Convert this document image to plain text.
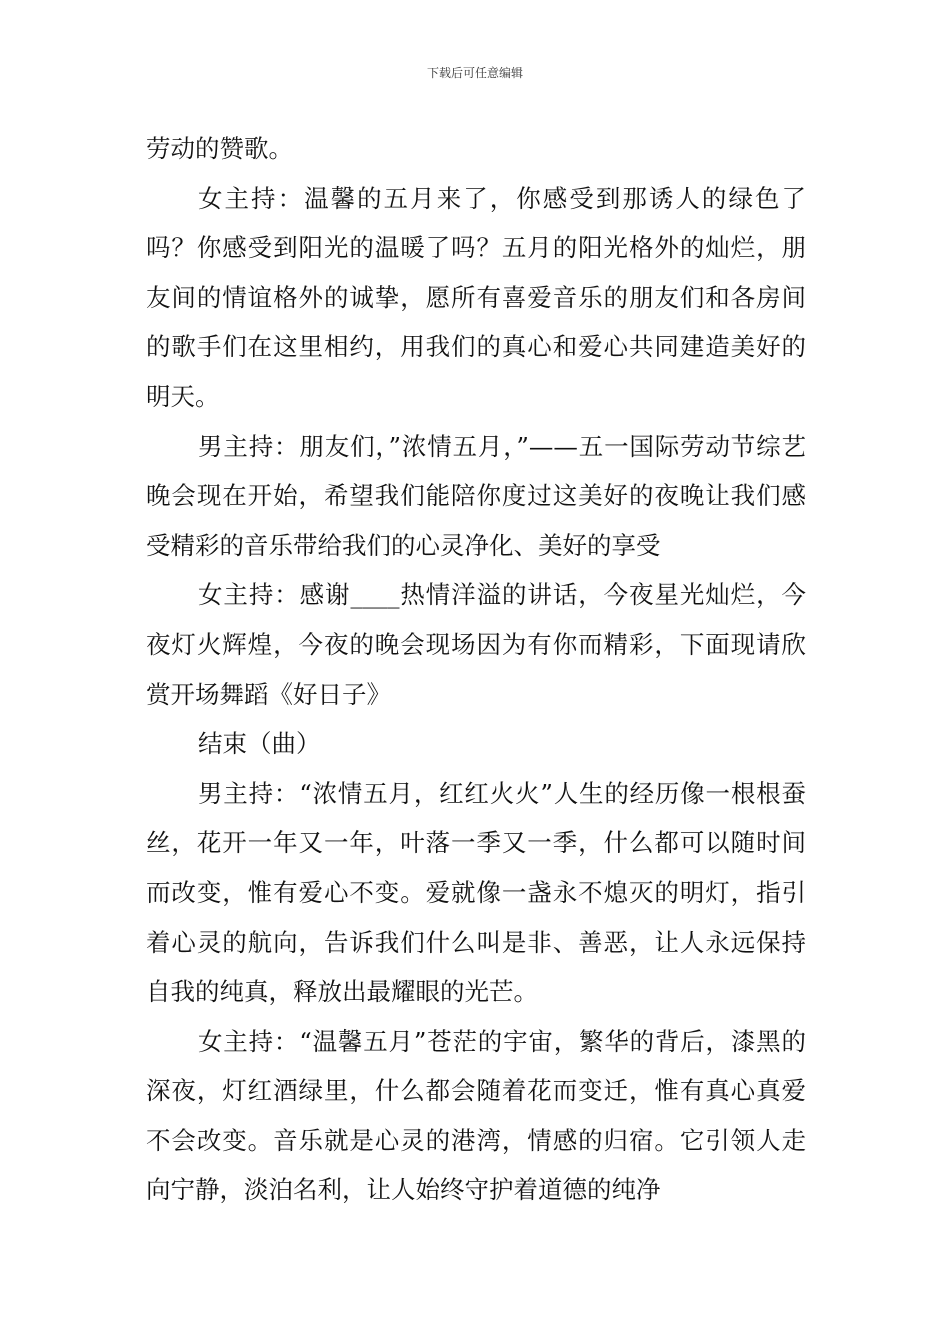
下载后可任意编辑

劳动的赞歌。

女主持：温馨的五月来了，你感受到那诱人的绿色了吗？你感受到阳光的温暖了吗？五月的阳光格外的灿烂，朋友间的情谊格外的诚挚，愿所有喜爱音乐的朋友们和各房间的歌手们在这里相约，用我们的真心和爱心共同建造美好的明天。

男主持：朋友们，”浓情五月，”——五一国际劳动节综艺晚会现在开始，希望我们能陪你度过这美好的夜晚让我们感受精彩的音乐带给我们的心灵净化、美好的享受

女主持：感谢____热情洋溢的讲话，今夜星光灿烂，今夜灯火辉煌，今夜的晚会现场因为有你而精彩，下面现请欣赏开场舞蹈《好日子》

结束（曲）

男主持：“浓情五月，红红火火”人生的经历像一根根蚕丝，花开一年又一年，叶落一季又一季，什么都可以随时间而改变，惟有爱心不变。爱就像一盏永不熄灭的明灯，指引着心灵的航向，告诉我们什么叫是非、善恶，让人永远保持自我的纯真，释放出最耀眼的光芒。

女主持：“温馨五月”苍茫的宇宙，繁华的背后，漆黑的深夜，灯红酒绿里，什么都会随着花而变迁，惟有真心真爱不会改变。音乐就是心灵的港湾，情感的归宿。它引领人走向宁静，淡泊名利，让人始终守护着道德的纯净
